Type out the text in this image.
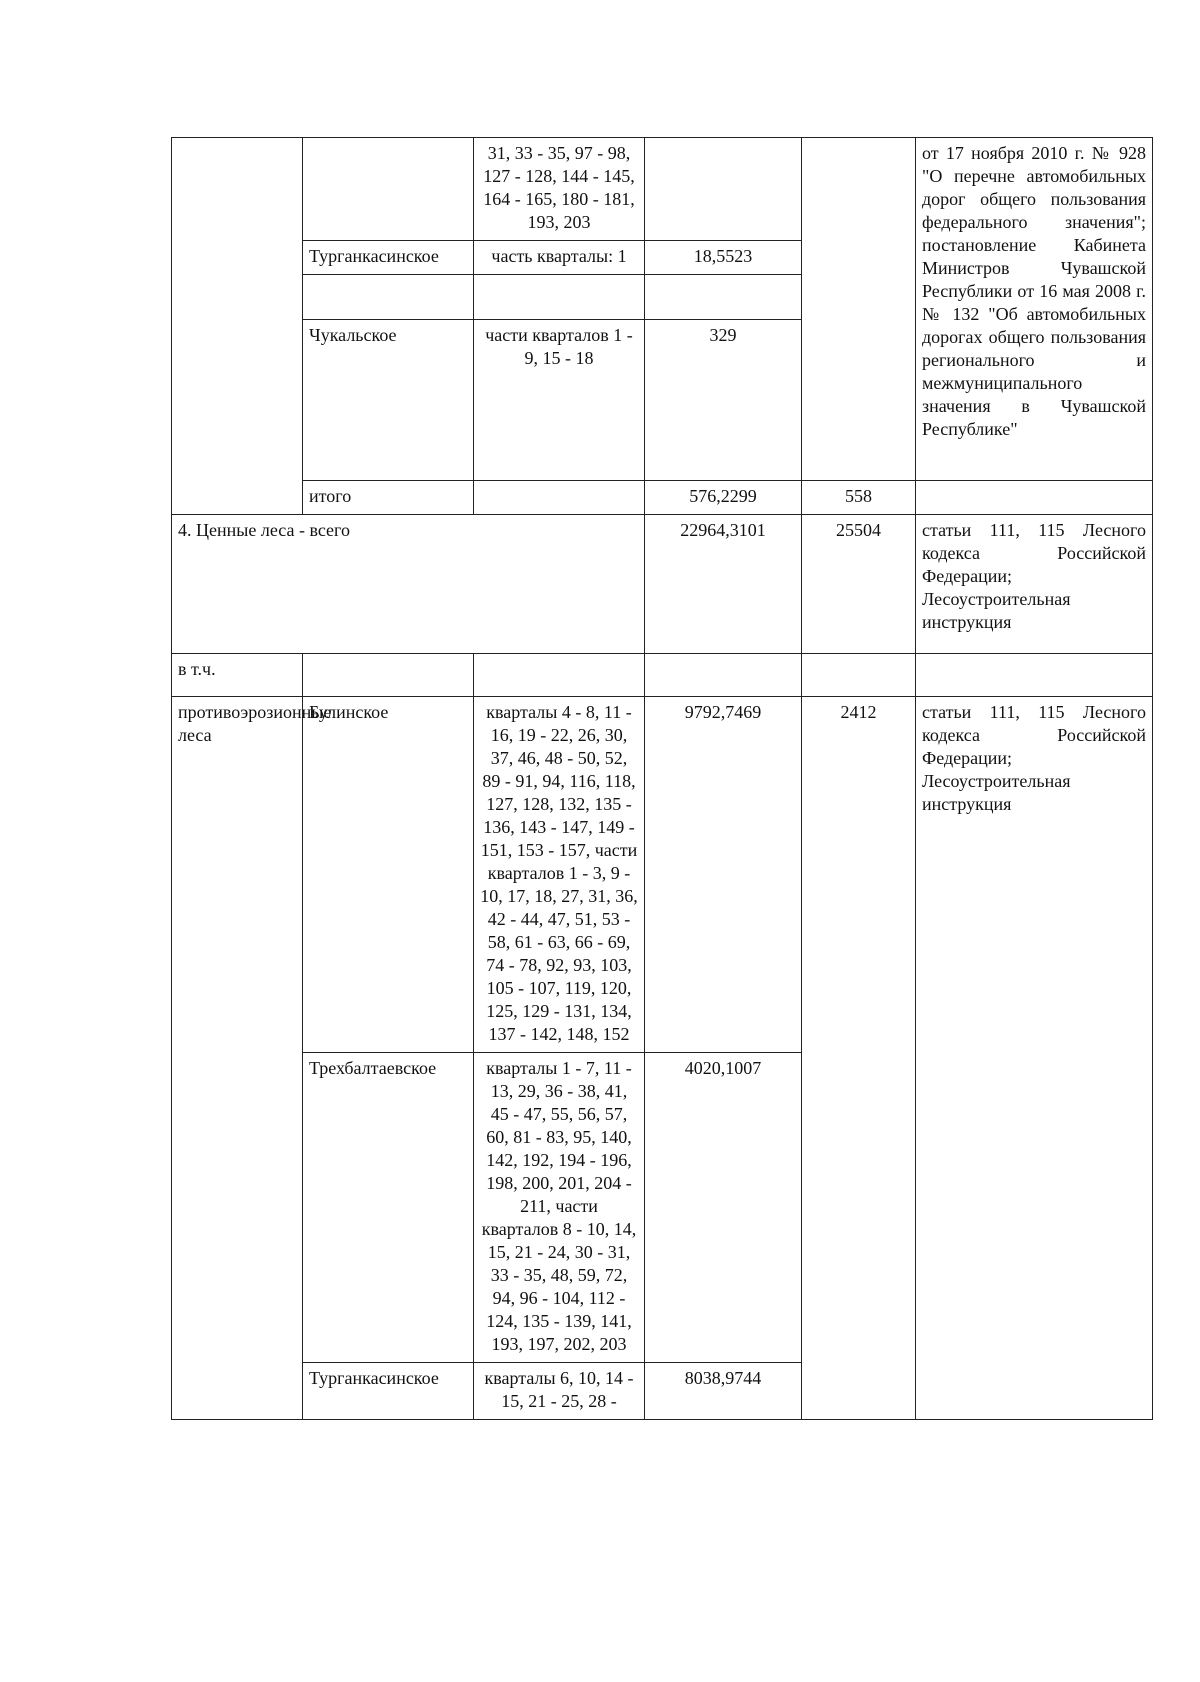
		31, 33 - 35, 97 - 98, 127 - 128, 144 - 145, 164 - 165, 180 - 181, 193, 203			от 17 ноября 2010 г. № 928 "О перечне автомобильных дорог общего пользования федерального значения"; постановление Кабинета Министров Чувашской Республики от 16 мая 2008 г. № 132 "Об автомобильных дорогах общего пользования регионального и межмуниципального значения в Чувашской Республике"
	Турганкасинское	часть кварталы: 1	18,5523		

	Чукальское	части кварталов 1 - 9, 15 - 18	329		
	итого		576,2299	558	
4. Ценные леса - всего			22964,3101	25504	статьи 111, 115 Лесного кодекса Российской Федерации; Лесоустроительная инструкция
в т.ч.					
противоэрозионные леса	Булинское	кварталы 4 - 8, 11 - 16, 19 - 22, 26, 30, 37, 46, 48 - 50, 52, 89 - 91, 94, 116, 118, 127, 128, 132, 135 - 136, 143 - 147, 149 - 151, 153 - 157, части кварталов 1 - 3, 9 - 10, 17, 18, 27, 31, 36, 42 - 44, 47, 51, 53 - 58, 61 - 63, 66 - 69, 74 - 78, 92, 93, 103, 105 - 107, 119, 120, 125, 129 - 131, 134, 137 - 142, 148, 152	9792,7469	2412	статьи 111, 115 Лесного кодекса Российской Федерации; Лесоустроительная инструкция
	Трехбалтаевское	кварталы 1 - 7, 11 - 13, 29, 36 - 38, 41, 45 - 47, 55, 56, 57, 60, 81 - 83, 95, 140, 142, 192, 194 - 196, 198, 200, 201, 204 - 211, части кварталов 8 - 10, 14, 15, 21 - 24, 30 - 31, 33 - 35, 48, 59, 72, 94, 96 - 104, 112 - 124, 135 - 139, 141, 193, 197, 202, 203	4020,1007		
	Турганкасинское	кварталы 6, 10, 14 - 15, 21 - 25, 28 -	8038,9744		
